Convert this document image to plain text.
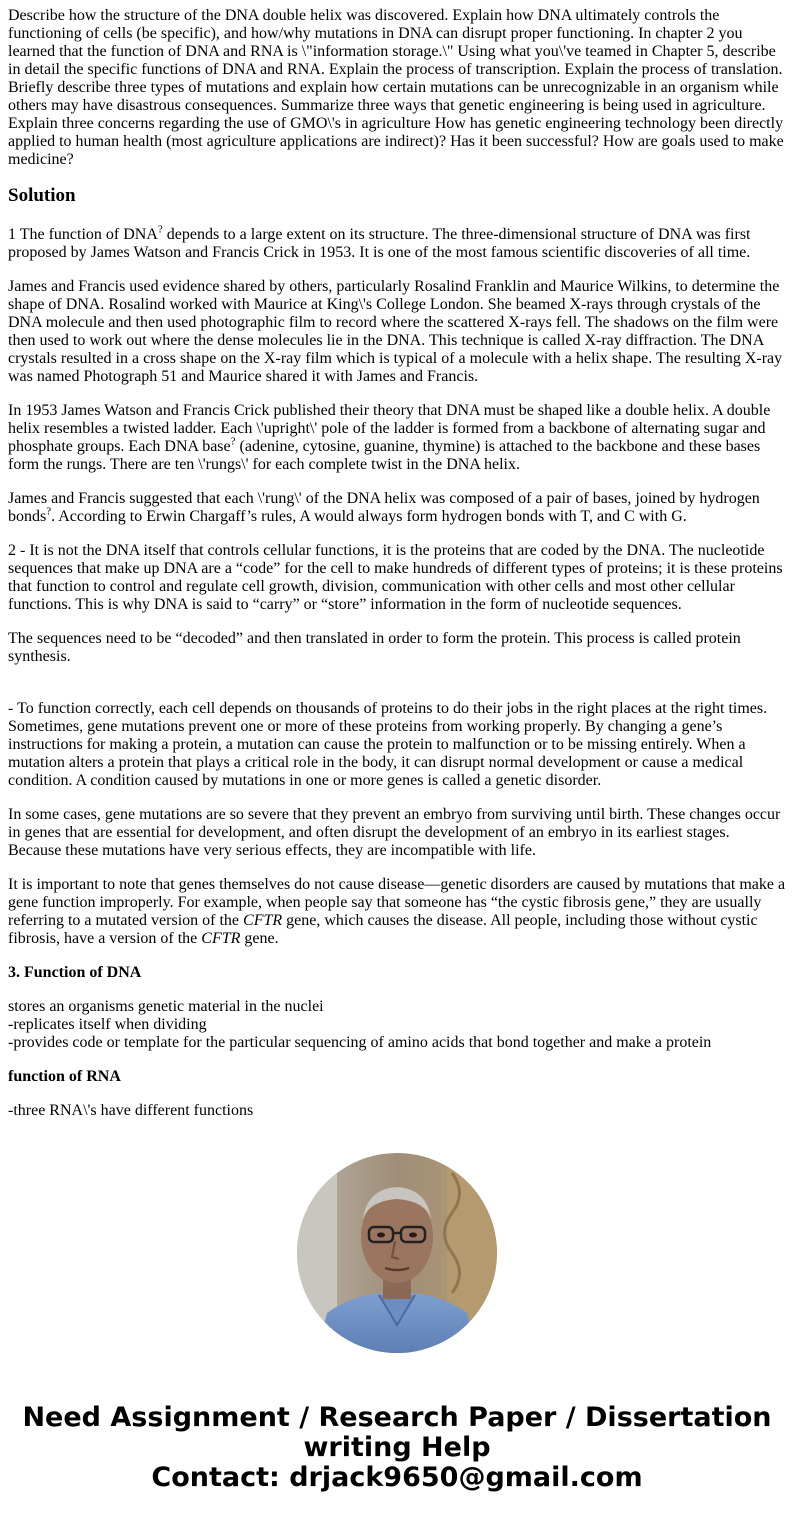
Describe how the structure of the DNA double helix was discovered. Explain how DNA ultimately controls the functioning of cells (be specific), and how/why mutations in DNA can disrupt proper functioning. In chapter 2 you learned that the function of DNA and RNA is \"information storage.\" Using what you\'ve teamed in Chapter 5, describe in detail the specific functions of DNA and RNA. Explain the process of transcription. Explain the process of translation. Briefly describe three types of mutations and explain how certain mutations can be unrecognizable in an organism while others may have disastrous consequences. Summarize three ways that genetic engineering is being used in agriculture. Explain three concerns regarding the use of GMO\'s in agriculture How has genetic engineering technology been directly applied to human health (most agriculture applications are indirect)? Has it been successful? How are goals used to make medicine?

Solution

1 The function of DNA? depends to a large extent on its structure. The three-dimensional structure of DNA was first proposed by James Watson and Francis Crick in 1953. It is one of the most famous scientific discoveries of all time.

James and Francis used evidence shared by others, particularly Rosalind Franklin and Maurice Wilkins, to determine the shape of DNA. Rosalind worked with Maurice at King\'s College London. She beamed X-rays through crystals of the DNA molecule and then used photographic film to record where the scattered X-rays fell. The shadows on the film were then used to work out where the dense molecules lie in the DNA. This technique is called X-ray diffraction. The DNA crystals resulted in a cross shape on the X-ray film which is typical of a molecule with a helix shape. The resulting X-ray was named Photograph 51 and Maurice shared it with James and Francis.

In 1953 James Watson and Francis Crick published their theory that DNA must be shaped like a double helix. A double helix resembles a twisted ladder. Each \'upright\' pole of the ladder is formed from a backbone of alternating sugar and phosphate groups. Each DNA base? (adenine, cytosine, guanine, thymine) is attached to the backbone and these bases form the rungs. There are ten \'rungs\' for each complete twist in the DNA helix.

James and Francis suggested that each \'rung\' of the DNA helix was composed of a pair of bases, joined by hydrogen bonds?. According to Erwin Chargaff’s rules, A would always form hydrogen bonds with T, and C with G.

2 - It is not the DNA itself that controls cellular functions, it is the proteins that are coded by the DNA. The nucleotide sequences that make up DNA are a “code” for the cell to make hundreds of different types of proteins; it is these proteins that function to control and regulate cell growth, division, communication with other cells and most other cellular functions. This is why DNA is said to “carry” or “store” information in the form of nucleotide sequences.

The sequences need to be “decoded” and then translated in order to form the protein. This process is called protein synthesis.

- To function correctly, each cell depends on thousands of proteins to do their jobs in the right places at the right times. Sometimes, gene mutations prevent one or more of these proteins from working properly. By changing a gene’s instructions for making a protein, a mutation can cause the protein to malfunction or to be missing entirely. When a mutation alters a protein that plays a critical role in the body, it can disrupt normal development or cause a medical condition. A condition caused by mutations in one or more genes is called a genetic disorder.

In some cases, gene mutations are so severe that they prevent an embryo from surviving until birth. These changes occur in genes that are essential for development, and often disrupt the development of an embryo in its earliest stages. Because these mutations have very serious effects, they are incompatible with life.

It is important to note that genes themselves do not cause disease—genetic disorders are caused by mutations that make a gene function improperly. For example, when people say that someone has “the cystic fibrosis gene,” they are usually referring to a mutated version of the CFTR gene, which causes the disease. All people, including those without cystic fibrosis, have a version of the CFTR gene.

3. Function of DNA

stores an organisms genetic material in the nuclei
-replicates itself when dividing
-provides code or template for the particular sequencing of amino acids that bond together and make a protein

function of RNA

-three RNA\'s have different functions

Need Assignment / Research Paper / Dissertation
writing Help
Contact: drjack9650@gmail.com
